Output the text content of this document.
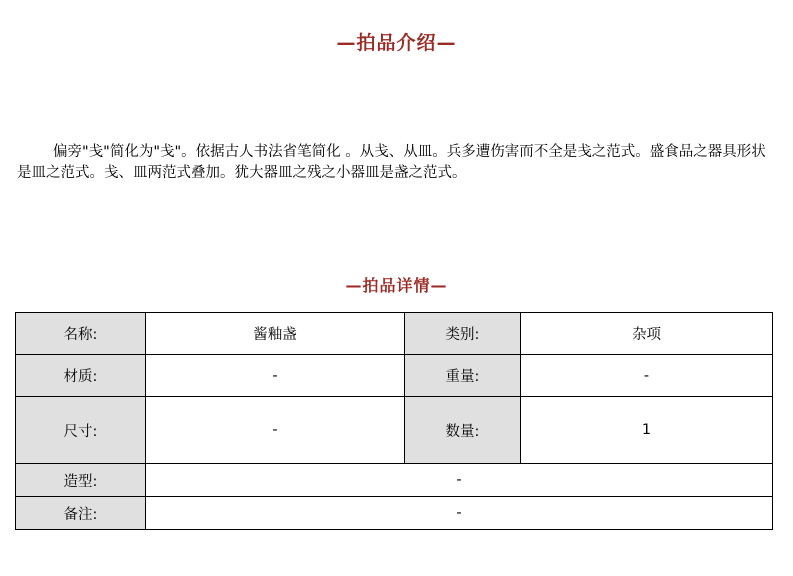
—拍品介绍—
偏旁"戋"简化为"戋"。依据古人书法省笔简化 。从戋、从皿。兵多遭伤害而不全是戋之范式。盛食品之器具形状是皿之范式。戋、皿两范式叠加。犹大器皿之残之小器皿是盏之范式。
—拍品详情—
名称:	酱釉盏	类别:	杂项
材质:	-	重量:	-
尺寸:	-	数量:	1
造型:	-		
备注:	-		
